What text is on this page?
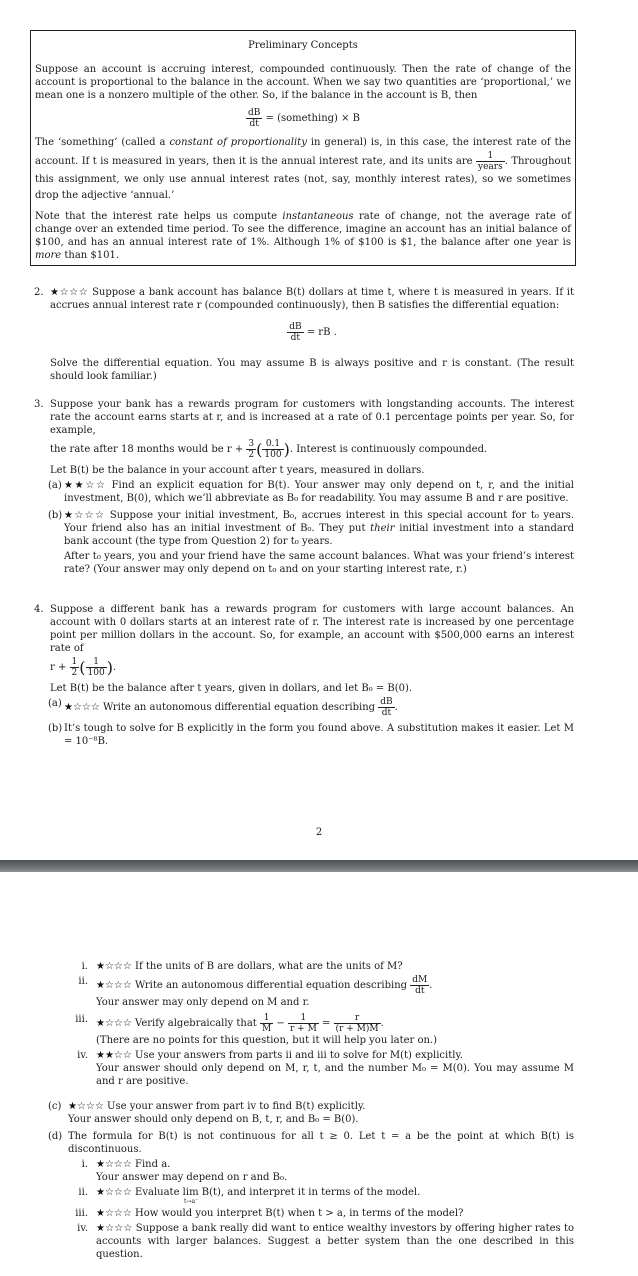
Preliminary Concepts

Suppose an account is accruing interest, compounded continuously. Then the rate of change of the account is proportional to the balance in the account. When we say two quantities are ‘proportional,’ we mean one is a nonzero multiple of the other. So, if the balance in the account is B, then

$\frac{dB}{dt}$ = (something) × B

The ‘something’ (called a constant of proportionality in general) is, in this case, the interest rate of the account. If t is measured in years, then it is the annual interest rate, and its units are $\frac{1}{\text{years}}$ . Throughout this assignment, we only use annual interest rates (not, say, monthly interest rates), so we sometimes drop the adjective ‘annual.’

Note that the interest rate helps us compute instantaneous rate of change, not the average rate of change over an extended time period. To see the difference, imagine an account has an initial balance of $100, and has an annual interest rate of 1%. Although 1% of $100 is $1, the balance after one year is more than $101.

2. ★☆☆☆ Suppose a bank account has balance B(t) dollars at time t, where t is measured in years. If it accrues annual interest rate r (compounded continuously), then B satisfies the differential equation:

$\frac{dB}{dt}$ = rB .

Solve the differential equation. You may assume B is always positive and r is constant. (The result should look familiar.)

3. Suppose your bank has a rewards program for customers with longstanding accounts. The interest rate the account earns starts at r, and is increased at a rate of 0.1 percentage points per year. So, for example,

the rate after 18 months would be $r + \frac{3}{2}$ ( $\frac{0.1}{100}$ ). Interest is continuously compounded.

Let B(t) be the balance in your account after t years, measured in dollars.

(a) ★★☆☆ Find an explicit equation for B(t). Your answer may only depend on t, r, and the initial investment, B(0), which we’ll abbreviate as B₀ for readability. You may assume B and r are positive.

(b) ★☆☆☆ Suppose your initial investment, B₀, accrues interest in this special account for t₀ years. Your friend also has an initial investment of B₀. They put their initial investment into a standard bank account (the type from Question 2) for t₀ years.

After t₀ years, you and your friend have the same account balances. What was your friend’s interest rate? (Your answer may only depend on t₀ and on your starting interest rate, r.)

4. Suppose a different bank has a rewards program for customers with large account balances. An account with 0 dollars starts at an interest rate of r. The interest rate is increased by one percentage point per million dollars in the account. So, for example, an account with $500,000 earns an interest rate of

$r + \frac{1}{2}$ ( $\frac{1}{100}$ ).

Let B(t) be the balance after t years, given in dollars, and let B₀ = B(0).

(a) ★☆☆☆ Write an autonomous differential equation describing $\frac{dB}{dt}$ .

(b) It’s tough to solve for B explicitly in the form you found above. A substitution makes it easier. Let M = 10⁻⁸B.

2
i. ★☆☆☆ If the units of B are dollars, what are the units of M?

ii. ★☆☆☆ Write an autonomous differential equation describing $\frac{dM}{dt}$ .

Your answer may only depend on M and r.

iii. ★☆☆☆ Verify algebraically that $\frac{1}{M} - \frac{1}{r + M} = \frac{r}{(r + M)M}$ .

(There are no points for this question, but it will help you later on.)

iv. ★★☆☆ Use your answers from parts ii and iii to solve for M(t) explicitly.

Your answer should only depend on M, r, t, and the number M₀ = M(0). You may assume M and r are positive.

(c) ★☆☆☆ Use your answer from part iv to find B(t) explicitly.

Your answer should only depend on B, t, r, and B₀ = B(0).

(d) The formula for B(t) is not continuous for all t ≥ 0. Let t = a be the point at which B(t) is discontinuous.

i. ★☆☆☆ Find a.

Your answer may depend on r and B₀.

ii. ★☆☆☆ Evaluate lim B(t), and interpret it in terms of the model.

t→a⁻

iii. ★☆☆☆ How would you interpret B(t) when t > a, in terms of the model?

iv. ★☆☆☆ Suppose a bank really did want to entice wealthy investors by offering higher rates to accounts with larger balances. Suggest a better system than the one described in this question.
